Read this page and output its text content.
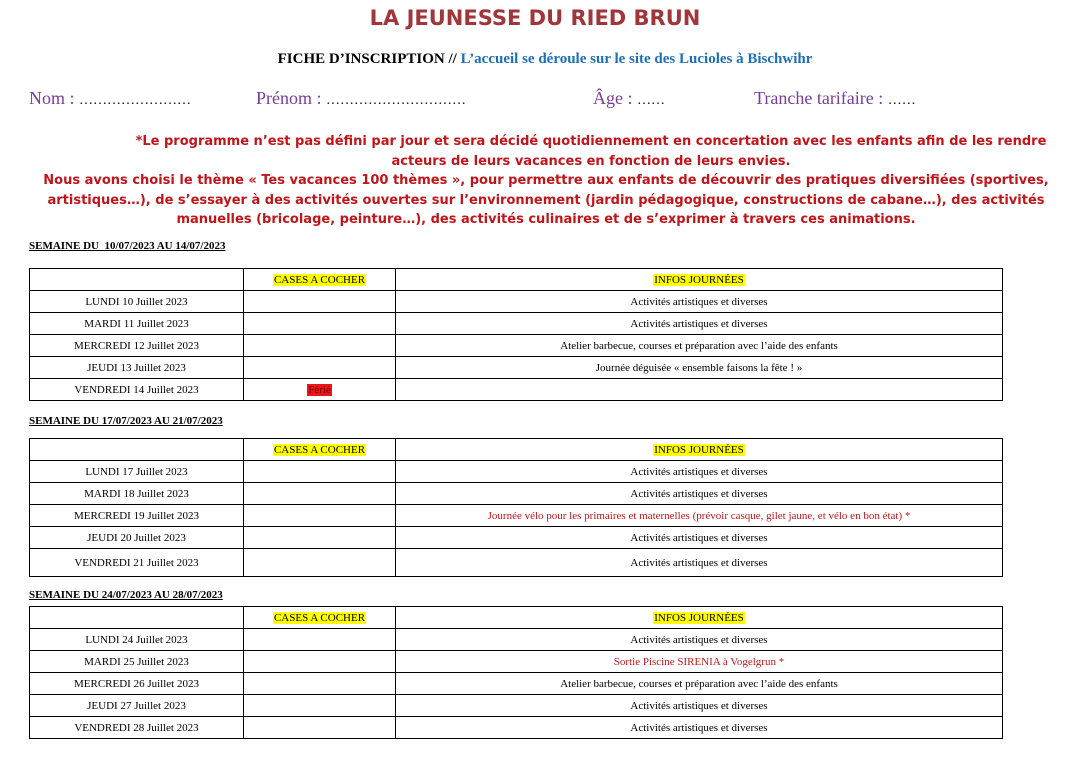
LA JEUNESSE DU RIED BRUN
FICHE D’INSCRIPTION // L’accueil se déroule sur le site des Lucioles à Bischwihr
Nom : ……………………	Prénom : …………………………	Âge : ……	Tranche tarifaire : ……

*Le programme n’est pas défini par jour et sera décidé quotidiennement en concertation avec les enfants afin de les rendre acteurs de leurs vacances en fonction de leurs envies.

Nous avons choisi le thème « Tes vacances 100 thèmes », pour permettre aux enfants de découvrir des pratiques diversifiées (sportives, artistiques…), de s’essayer à des activités ouvertes sur l’environnement (jardin pédagogique, constructions de cabane…), des activités manuelles (bricolage, peinture…), des activités culinaires et de s’exprimer à travers ces animations.

SEMAINE DU  10/07/2023 AU 14/07/2023
	CASES A COCHER	INFOS JOURNÉES
LUNDI 10 Juillet 2023		Activités artistiques et diverses
MARDI 11 Juillet 2023		Activités artistiques et diverses
MERCREDI 12 Juillet 2023		Atelier barbecue, courses et préparation avec l’aide des enfants
JEUDI 13 Juillet 2023		Journée déguisée « ensemble faisons la fête ! »
VENDREDI 14 Juillet 2023	Férié	
SEMAINE DU 17/07/2023 AU 21/07/2023
	CASES A COCHER	INFOS JOURNÉES
LUNDI 17 Juillet 2023		Activités artistiques et diverses
MARDI 18 Juillet 2023		Activités artistiques et diverses
MERCREDI 19 Juillet 2023		Journée vélo pour les primaires et maternelles (prévoir casque, gilet jaune, et vélo en bon état) *
JEUDI 20 Juillet 2023		Activités artistiques et diverses
VENDREDI 21 Juillet 2023		Activités artistiques et diverses
SEMAINE DU 24/07/2023 AU 28/07/2023
	CASES A COCHER	INFOS JOURNÉES
LUNDI 24 Juillet 2023		Activités artistiques et diverses
MARDI 25 Juillet 2023		Sortie Piscine SIRENIA à Vogelgrun *
MERCREDI 26 Juillet 2023		Atelier barbecue, courses et préparation avec l’aide des enfants
JEUDI 27 Juillet 2023		Activités artistiques et diverses
VENDREDI 28 Juillet 2023		Activités artistiques et diverses
